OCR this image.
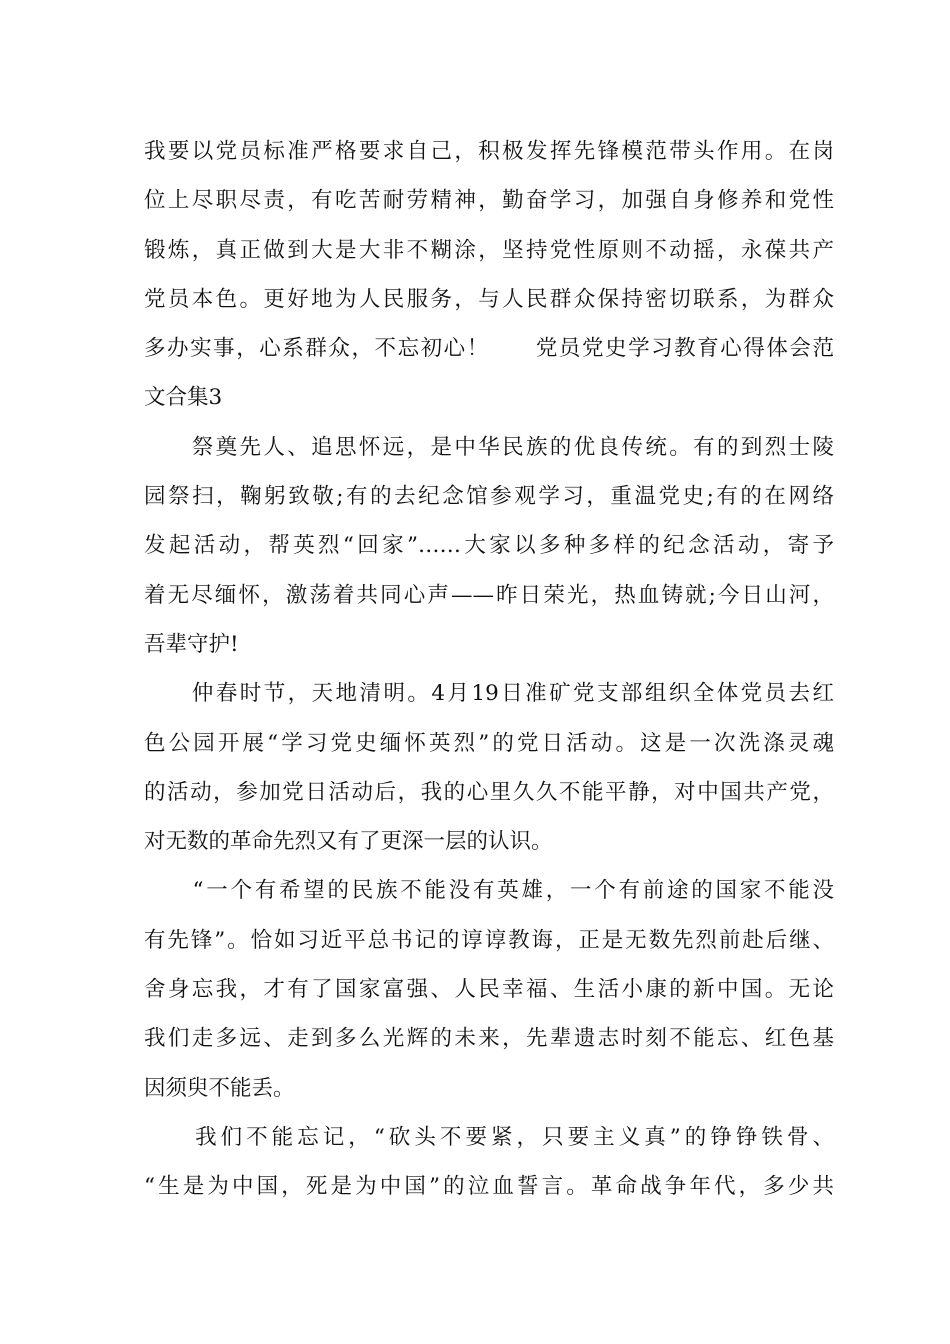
我要以党员标准严格要求自己，积极发挥先锋模范带头作用。在岗
位上尽职尽责，有吃苦耐劳精神，勤奋学习，加强自身修养和党性
锻炼，真正做到大是大非不糊涂，坚持党性原则不动摇，永葆共产
党员本色。更好地为人民服务，与人民群众保持密切联系，为群众
多办实事，心系群众，不忘初心！　　党员党史学习教育心得体会范
文合集3
　　祭奠先人、追思怀远，是中华民族的优良传统。有的到烈士陵
园祭扫，鞠躬致敬;有的去纪念馆参观学习，重温党史;有的在网络
发起活动，帮英烈“回家”……大家以多种多样的纪念活动，寄予
着无尽缅怀，激荡着共同心声——昨日荣光，热血铸就;今日山河，
吾辈守护!
　　仲春时节，天地清明。4月19日准矿党支部组织全体党员去红
色公园开展“学习党史缅怀英烈”的党日活动。这是一次洗涤灵魂
的活动，参加党日活动后，我的心里久久不能平静，对中国共产党，
对无数的革命先烈又有了更深一层的认识。
　　“一个有希望的民族不能没有英雄，一个有前途的国家不能没
有先锋”。恰如习近平总书记的谆谆教诲，正是无数先烈前赴后继、
舍身忘我，才有了国家富强、人民幸福、生活小康的新中国。无论
我们走多远、走到多么光辉的未来，先辈遗志时刻不能忘、红色基
因须臾不能丢。
　　我们不能忘记，“砍头不要紧，只要主义真”的铮铮铁骨、
“生是为中国，死是为中国”的泣血誓言。革命战争年代，多少共
